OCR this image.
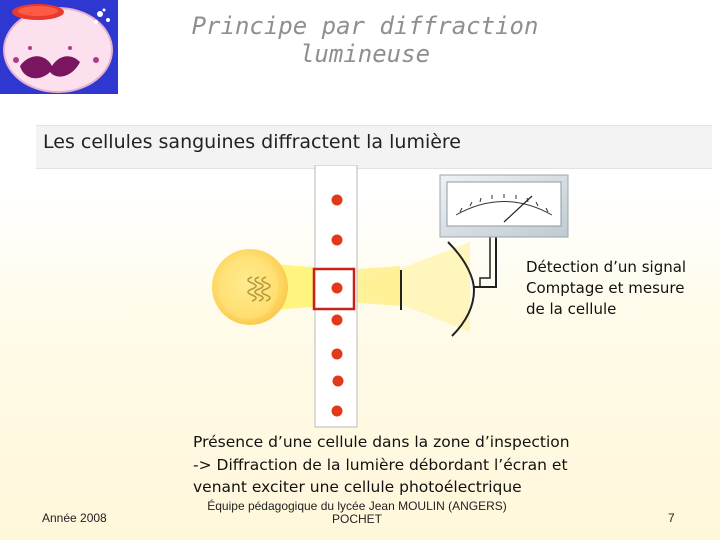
Principe par diffraction lumineuse
Les cellules sanguines diffractent la lumière
Détection d’un signal
Comptage et mesure
de la cellule
Présence d’une cellule dans la zone d’inspection
-> Diffraction de la lumière débordant l’écran et
venant exciter une cellule photoélectrique
Année 2008
Équipe pédagogique du lycée Jean MOULIN (ANGERS)
POCHET	7
